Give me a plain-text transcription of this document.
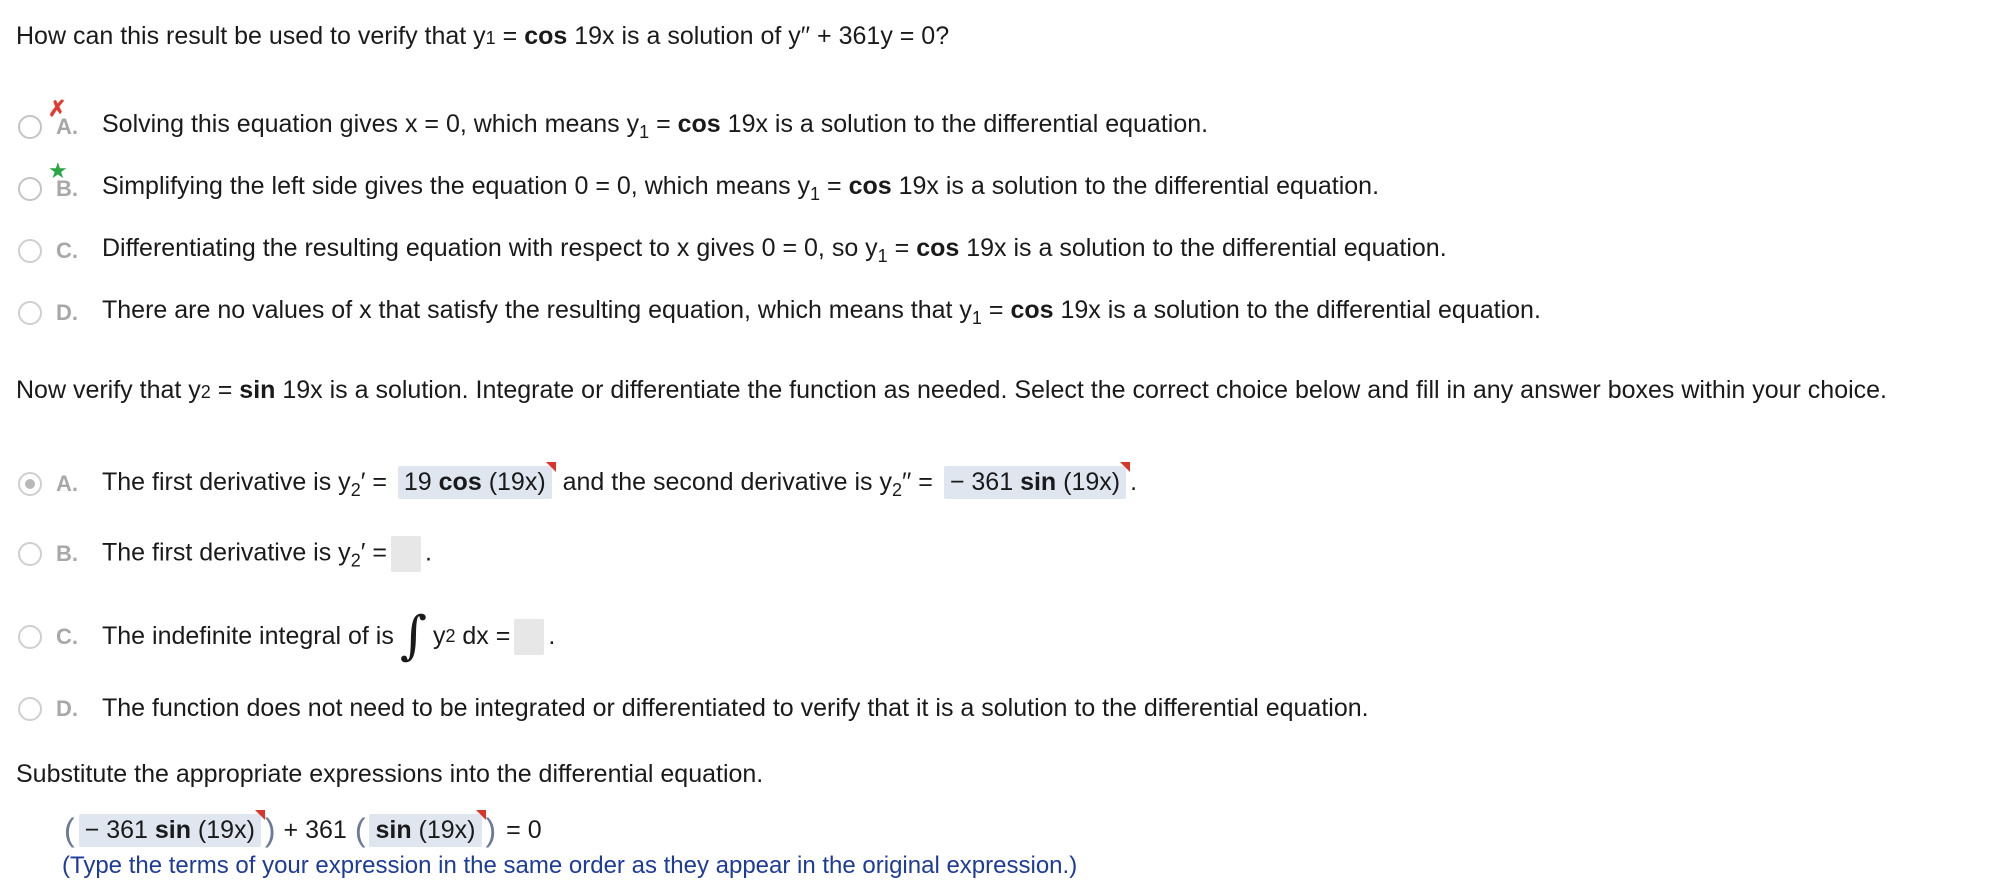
How can this result be used to verify that y 1 = cos 19x is a solution of y′′ + 361y = 0?
✗
A. Solving this equation gives x = 0, which means $y_1 = \cos 19x$ is a solution to the differential equation.
★
B. Simplifying the left side gives the equation 0 = 0, which means $y_1 = \cos 19x$ is a solution to the differential equation.
C. Differentiating the resulting equation with respect to x gives 0 = 0, so $y_1 = \cos 19x$ is a solution to the differential equation.
D. There are no values of x that satisfy the resulting equation, which means that $y_1 = \cos 19x$ is a solution to the differential equation.
Now verify that y 2 = sin 19x is a solution. Integrate or differentiate the function as needed. Select the correct choice below and fill in any answer boxes within your choice.
A. The first derivative is $y_2' = 19$ cos (19x) and the second derivative is $y_2''$ = − 361 sin (19x) .
B. The first derivative is $y_2'$ = .
C. The indefinite integral of is ∫ y 2 dx = .
D. The function does not need to be integrated or differentiated to verify that it is a solution to the differential equation.
Substitute the appropriate expressions into the differential equation.
( − 361 sin (19x) ) + 361 ( sin (19x) ) = 0
(Type the terms of your expression in the same order as they appear in the original expression.)
